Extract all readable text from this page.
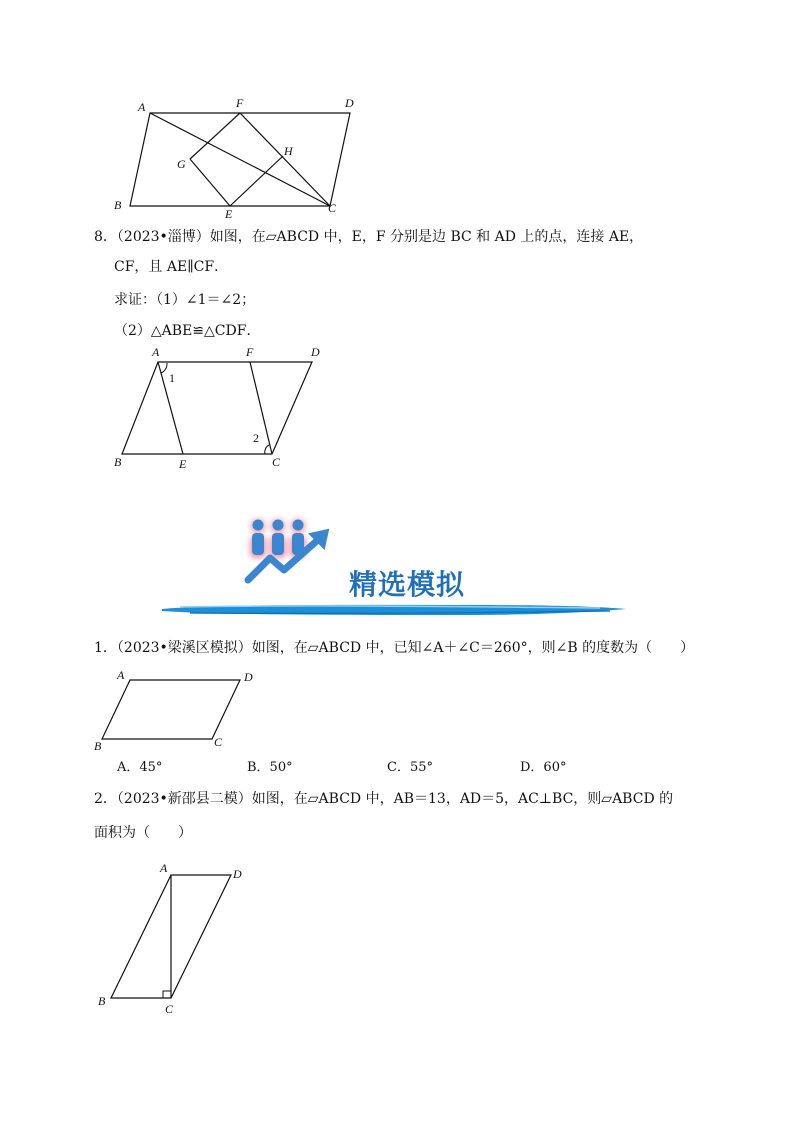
A	F	D
G
H
B
E	C
8．（2023•淄博）如图，在▱ABCD 中，E，F 分别是边 BC 和 AD 上的点，连接 AE，
CF，且 AE∥CF．
求证：（1）∠1＝∠2；
（2）△ABE≌△CDF．
A	F	D
1
2
B	E	C
精选模拟
1．（2023•梁溪区模拟）如图，在▱ABCD 中，已知∠A＋∠C＝260°，则∠B 的度数为（　　）
A	D
B	C
A．45°	B．50°	C．55°	D．60°
2．（2023•新邵县二模）如图，在▱ABCD 中，AB＝13，AD＝5，AC⊥BC，则▱ABCD 的
面积为（　　）
A	D
B
C
